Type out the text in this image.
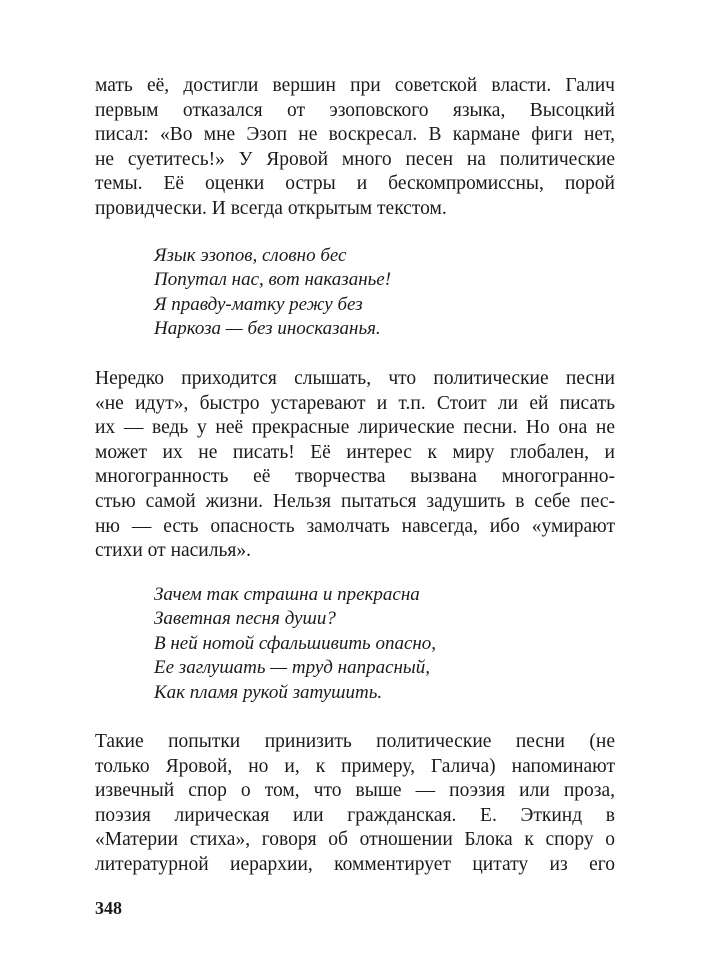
мать её, достигли вершин при советской власти. Галич
первым отказался от эзоповского языка, Высоцкий
писал: «Во мне Эзоп не воскресал. В кармане фиги нет,
не суетитесь!» У Яровой много песен на политические
темы. Её оценки остры и бескомпромиссны, порой
провидчески. И всегда открытым текстом.

Язык эзопов, словно бес
Попутал нас, вот наказанье!
Я правду-матку режу без
Наркоза — без иносказанья.

Нередко приходится слышать, что политические песни
«не идут», быстро устаревают и т.п. Стоит ли ей писать
их — ведь у неё прекрасные лирические песни. Но она не
может их не писать! Её интерес к миру глобален, и
многогранность её творчества вызвана многогранно-
стью самой жизни. Нельзя пытаться задушить в себе пес-
ню — есть опасность замолчать навсегда, ибо «умирают
стихи от насилья».

Зачем так страшна и прекрасна
Заветная песня души?
В ней нотой сфальшивить опасно,
Ее заглушать — труд напрасный,
Как пламя рукой затушить.

Такие попытки принизить политические песни (не
только Яровой, но и, к примеру, Галича) напоминают
извечный спор о том, что выше — поэзия или проза,
поэзия лирическая или гражданская. Е. Эткинд в
«Материи стиха», говоря об отношении Блока к спору о
литературной иерархии, комментирует цитату из его

348
